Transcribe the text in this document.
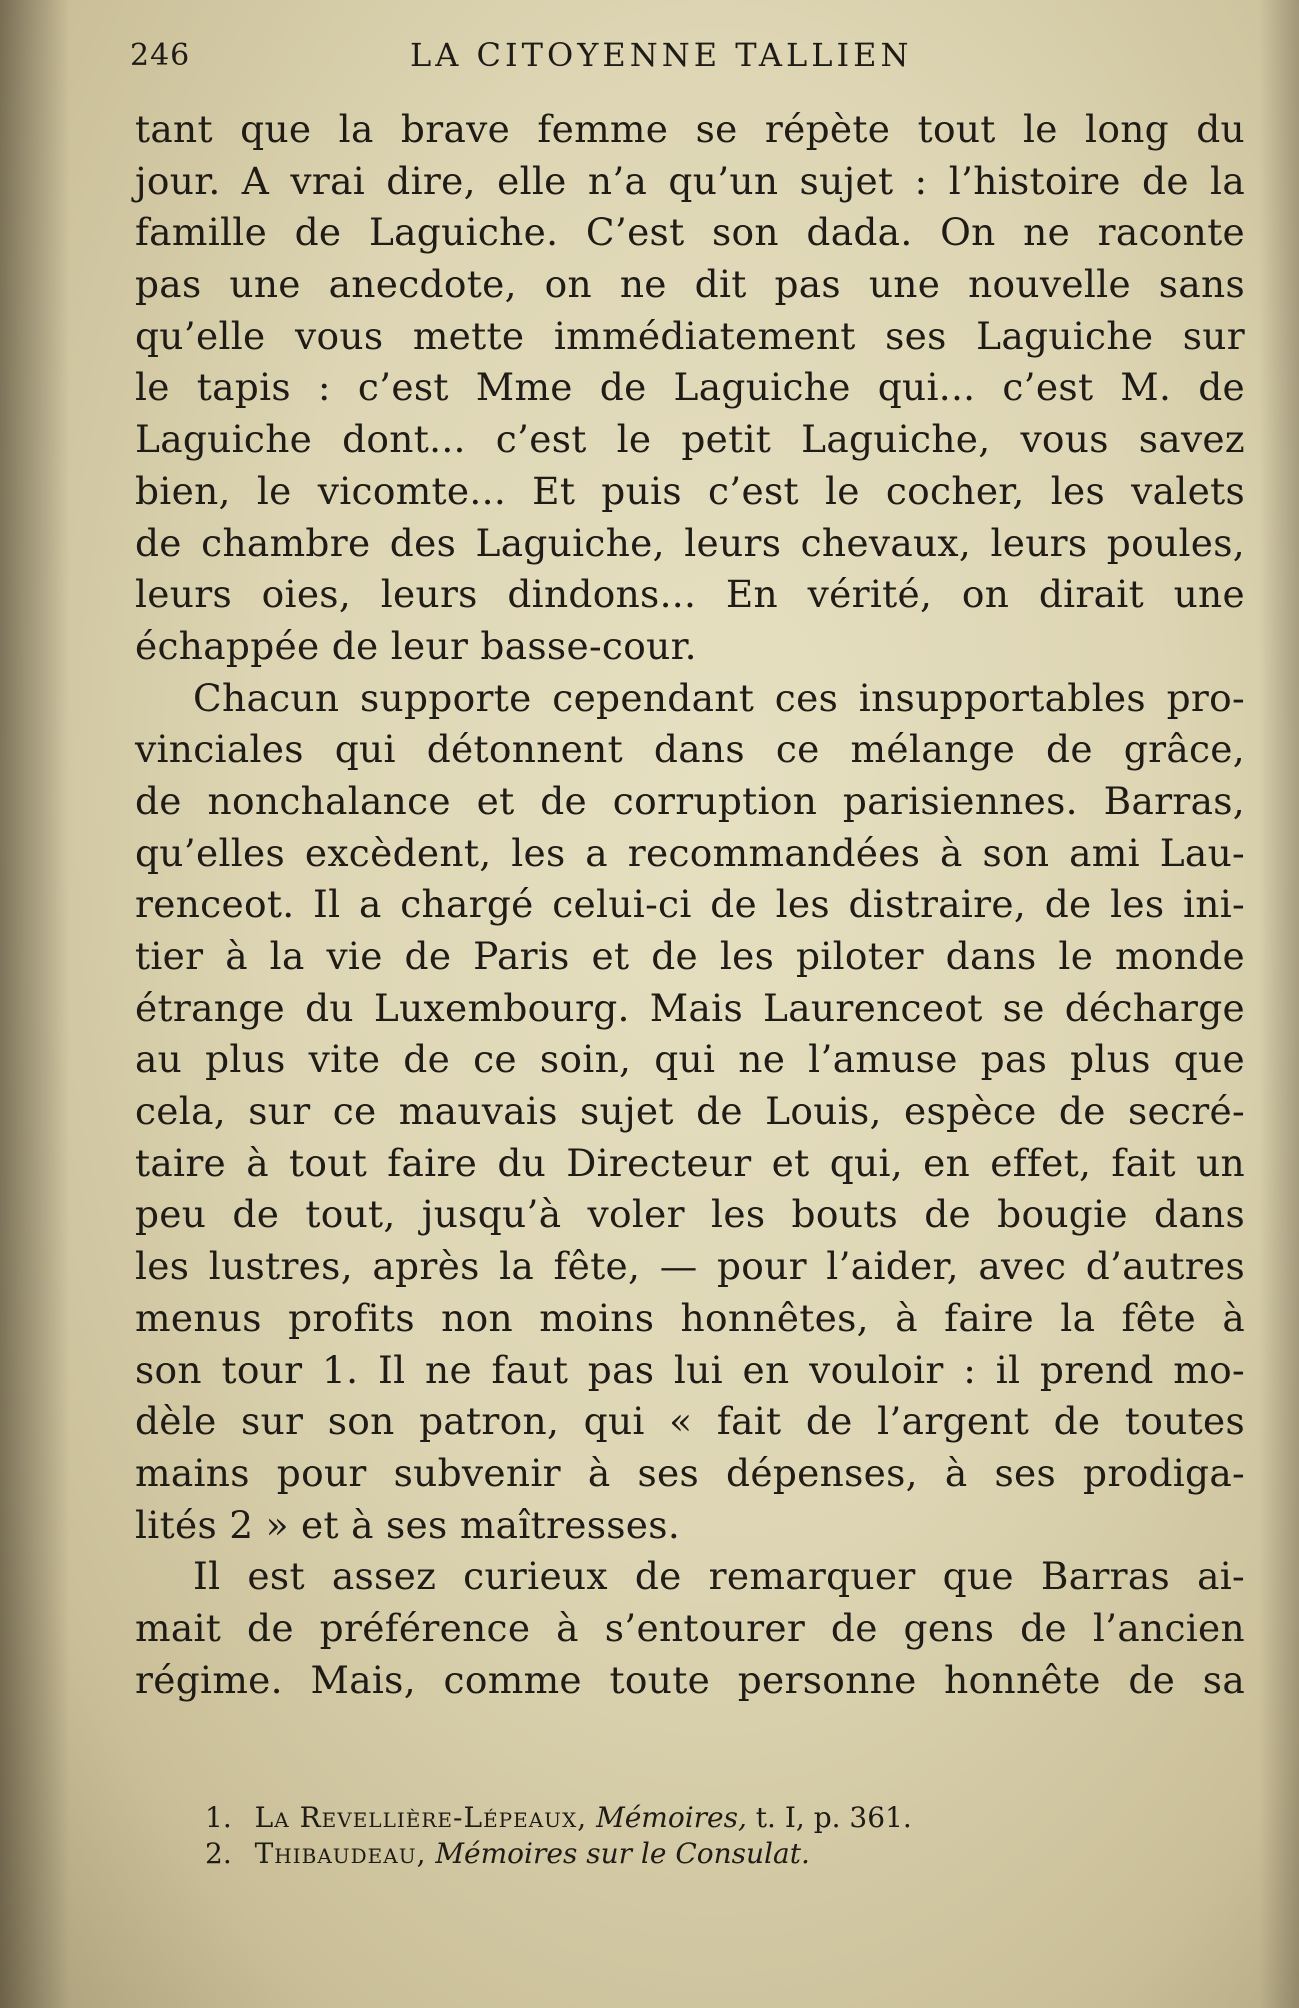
246	LA CITOYENNE TALLIEN
tant que la brave femme se répète tout le long du
jour. A vrai dire, elle n’a qu’un sujet : l’histoire de la
famille de Laguiche. C’est son dada. On ne raconte
pas une anecdote, on ne dit pas une nouvelle sans
qu’elle vous mette immédiatement ses Laguiche sur
le tapis : c’est Mme de Laguiche qui... c’est M. de
Laguiche dont... c’est le petit Laguiche, vous savez
bien, le vicomte... Et puis c’est le cocher, les valets
de chambre des Laguiche, leurs chevaux, leurs poules,
leurs oies, leurs dindons... En vérité, on dirait une
échappée de leur basse-cour.
Chacun supporte cependant ces insupportables pro-
vinciales qui détonnent dans ce mélange de grâce,
de nonchalance et de corruption parisiennes. Barras,
qu’elles excèdent, les a recommandées à son ami Lau-
renceot. Il a chargé celui-ci de les distraire, de les ini-
tier à la vie de Paris et de les piloter dans le monde
étrange du Luxembourg. Mais Laurenceot se décharge
au plus vite de ce soin, qui ne l’amuse pas plus que
cela, sur ce mauvais sujet de Louis, espèce de secré-
taire à tout faire du Directeur et qui, en effet, fait un
peu de tout, jusqu’à voler les bouts de bougie dans
les lustres, après la fête, — pour l’aider, avec d’autres
menus profits non moins honnêtes, à faire la fête à
son tour 1. Il ne faut pas lui en vouloir : il prend mo-
dèle sur son patron, qui « fait de l’argent de toutes
mains pour subvenir à ses dépenses, à ses prodiga-
lités 2 » et à ses maîtresses.
Il est assez curieux de remarquer que Barras ai-
mait de préférence à s’entourer de gens de l’ancien
régime. Mais, comme toute personne honnête de sa
1. La Revellière-Lépeaux, Mémoires, t. I, p. 361.
2. Thibaudeau, Mémoires sur le Consulat.
